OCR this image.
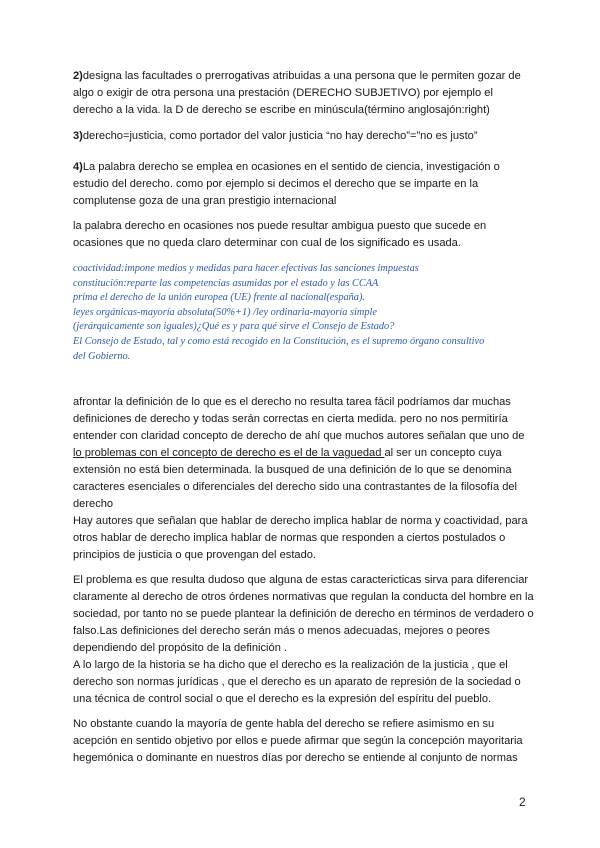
2)designa las facultades o prerrogativas atribuidas a una persona que le permiten gozar de algo o exigir de otra persona una prestación (DERECHO SUBJETIVO) por ejemplo el derecho a la vida. la D de derecho se escribe en minúscula(término anglosajón:right)

3)derecho=justicia, como portador del valor justicia “no hay derecho”=”no es justo”

4)La palabra derecho se emplea en ocasiones en el sentido de ciencia, investigación o estudio del derecho. como por ejemplo si decimos el derecho que se imparte en la complutense goza de una gran prestigio internacional

la palabra derecho en ocasiones nos puede resultar ambigua puesto que sucede en ocasiones que no queda claro determinar con cual de los significado es usada.

coactividad:impone medios y medidas para hacer efectivas las sanciones impuestas
constitución:reparte las competencias asumidas por el estado y las CCAA
prima el derecho de la unión europea (UE) frente al nacional(españa).
leyes orgánicas-mayoría absoluta(50%+1) /ley ordinaria-mayoría simple
(jerárquicamente son iguales)¿Qué es y para qué sirve el Consejo de Estado?
El Consejo de Estado, tal y como está recogido en la Constitución, es el supremo órgano consultivo
del Gobierno.

afrontar la definición de lo que es el derecho no resulta tarea fácil podríamos dar muchas definiciones de derecho y todas serán correctas en cierta medida. pero no nos permitiría entender con claridad concepto de derecho de ahí que muchos autores señalan que uno de lo problemas con el concepto de derecho es el de la vaguedad al ser un concepto cuya extensión no está bien determinada. la busqued de una definición de lo que se denomina caracteres esenciales o diferenciales del derecho sido una contrastantes de la filosofía del derecho

Hay autores que señalan que hablar de derecho implica hablar de norma y coactividad, para otros hablar de derecho implica hablar de normas que responden a ciertos postulados o principios de justicia o que provengan del estado.

El problema es que resulta dudoso que alguna de estas caractericticas sirva para diferenciar claramente al derecho de otros órdenes normativas que regulan la conducta del hombre en la sociedad, por tanto no se puede plantear la definición de derecho en términos de verdadero o falso.Las definiciones del derecho serán más o menos adecuadas, mejores o peores dependiendo del propósito de la definición .

A lo largo de la historia se ha dicho que el derecho es la realización de la justicia , que el derecho son normas jurídicas , que el derecho es un aparato de represión de la sociedad o una técnica de control social o que el derecho es la expresión del espíritu del pueblo.

No obstante cuando la mayoría de gente habla del derecho se refiere asimismo en su acepción en sentido objetivo por ellos e puede afirmar que según la concepción mayoritaria hegemónica o dominante en nuestros días por derecho se entiende al conjunto de normas

2
